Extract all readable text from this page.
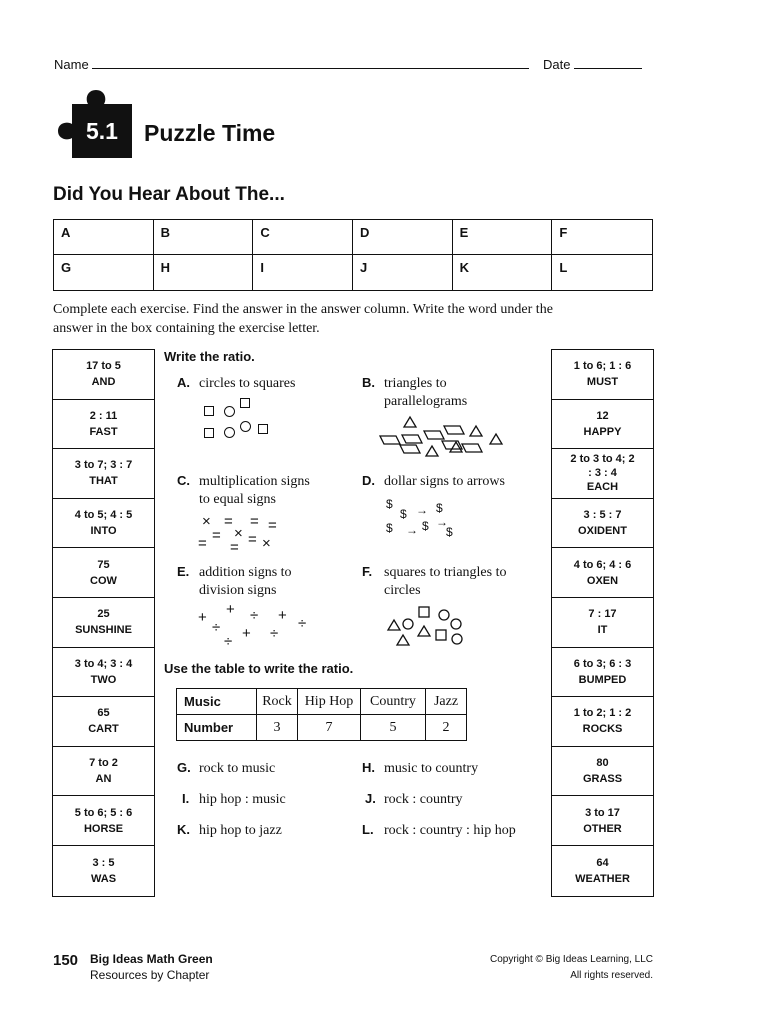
Name	Date
5.1	Puzzle Time
Did You Hear About The...
A	B	C	D	E	F
G	H	I	J	K	L
Complete each exercise. Find the answer in the answer column. Write the word under the answer in the box containing the exercise letter.
17 to 5
AND
2 : 11
FAST
3 to 7; 3 : 7
THAT
4 to 5; 4 : 5
INTO
75
COW
25
SUNSHINE
3 to 4; 3 : 4
TWO
65
CART
7 to 2
AN
5 to 6; 5 : 6
HORSE
3 : 5
WAS
1 to 6; 1 : 6
MUST
12
HAPPY
2 to 3 to 4; 2 : 3 : 4
EACH
3 : 5 : 7
OXIDENT
4 to 6; 4 : 6
OXEN
7 : 17
IT
6 to 3; 6 : 3
BUMPED
1 to 2; 1 : 2
ROCKS
80
GRASS
3 to 17
OTHER
64
WEATHER
Write the ratio.
A. circles to squares	B. triangles to
parallelograms
C. multiplication signs
to equal signs
× = = =
= × =
= = ×
D. dollar signs to arrows
$
$ → $
→
$ → $ $
E. addition signs to
division signs
+ + ÷ +
÷	÷
+ ÷
÷
F. squares to triangles to
circles
Use the table to write the ratio.
Music	Rock	Hip Hop	Country	Jazz
Number	3	7	5	2
G. rock to music	H. music to country
I. hip hop : music	J. rock : country
K. hip hop to jazz	L. rock : country : hip hop
150 Big Ideas Math Green
Resources by Chapter
Copyright © Big Ideas Learning, LLC
All rights reserved.
